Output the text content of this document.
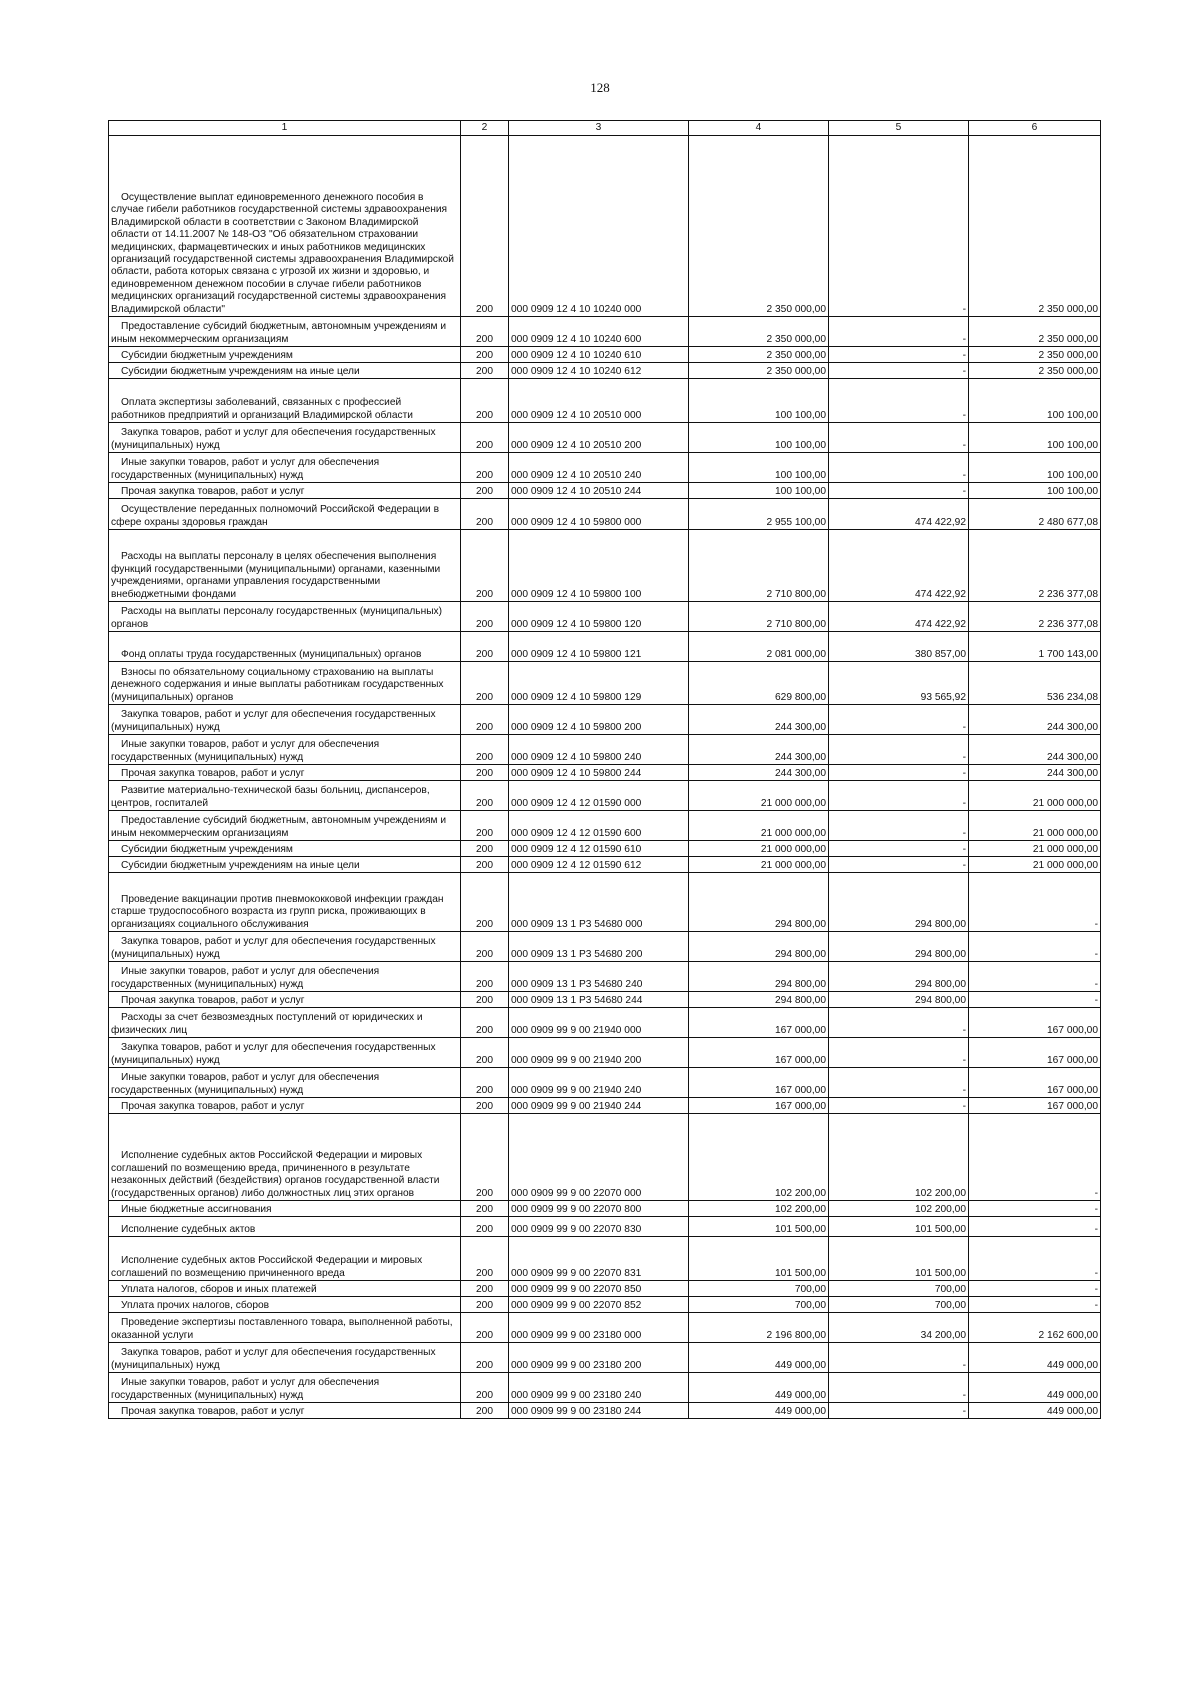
128
1	2	3	4	5	6
Осуществление выплат единовременного денежного пособия в случае гибели работников государственной системы здравоохранения Владимирской области в соответствии с Законом Владимирской области от 14.11.2007 № 148-ОЗ "Об обязательном страховании медицинских, фармацевтических и иных работников медицинских организаций государственной системы здравоохранения Владимирской области, работа которых связана с угрозой их жизни и здоровью, и единовременном денежном пособии в случае гибели работников медицинских организаций государственной системы здравоохранения Владимирской области"	200	000 0909 12 4 10 10240 000	2 350 000,00	-	2 350 000,00
Предоставление субсидий бюджетным, автономным учреждениям и иным некоммерческим организациям	200	000 0909 12 4 10 10240 600	2 350 000,00	-	2 350 000,00
Субсидии бюджетным учреждениям	200	000 0909 12 4 10 10240 610	2 350 000,00	-	2 350 000,00
Субсидии бюджетным учреждениям на иные цели	200	000 0909 12 4 10 10240 612	2 350 000,00	-	2 350 000,00
Оплата экспертизы заболеваний, связанных с профессией работников предприятий и организаций Владимирской области	200	000 0909 12 4 10 20510 000	100 100,00	-	100 100,00
Закупка товаров, работ и услуг для обеспечения государственных (муниципальных) нужд	200	000 0909 12 4 10 20510 200	100 100,00	-	100 100,00
Иные закупки товаров, работ и услуг для обеспечения государственных (муниципальных) нужд	200	000 0909 12 4 10 20510 240	100 100,00	-	100 100,00
Прочая закупка товаров, работ и услуг	200	000 0909 12 4 10 20510 244	100 100,00	-	100 100,00
Осуществление переданных полномочий Российской Федерации в сфере охраны здоровья граждан	200	000 0909 12 4 10 59800 000	2 955 100,00	474 422,92	2 480 677,08
Расходы на выплаты персоналу в целях обеспечения выполнения функций государственными (муниципальными) органами, казенными учреждениями, органами управления государственными внебюджетными фондами	200	000 0909 12 4 10 59800 100	2 710 800,00	474 422,92	2 236 377,08
Расходы на выплаты персоналу государственных (муниципальных) органов	200	000 0909 12 4 10 59800 120	2 710 800,00	474 422,92	2 236 377,08
Фонд оплаты труда государственных (муниципальных) органов	200	000 0909 12 4 10 59800 121	2 081 000,00	380 857,00	1 700 143,00
Взносы по обязательному социальному страхованию на выплаты денежного содержания и иные выплаты работникам государственных (муниципальных) органов	200	000 0909 12 4 10 59800 129	629 800,00	93 565,92	536 234,08
Закупка товаров, работ и услуг для обеспечения государственных (муниципальных) нужд	200	000 0909 12 4 10 59800 200	244 300,00	-	244 300,00
Иные закупки товаров, работ и услуг для обеспечения государственных (муниципальных) нужд	200	000 0909 12 4 10 59800 240	244 300,00	-	244 300,00
Прочая закупка товаров, работ и услуг	200	000 0909 12 4 10 59800 244	244 300,00	-	244 300,00
Развитие материально-технической базы больниц, диспансеров, центров, госпиталей	200	000 0909 12 4 12 01590 000	21 000 000,00	-	21 000 000,00
Предоставление субсидий бюджетным, автономным учреждениям и иным некоммерческим организациям	200	000 0909 12 4 12 01590 600	21 000 000,00	-	21 000 000,00
Субсидии бюджетным учреждениям	200	000 0909 12 4 12 01590 610	21 000 000,00	-	21 000 000,00
Субсидии бюджетным учреждениям на иные цели	200	000 0909 12 4 12 01590 612	21 000 000,00	-	21 000 000,00
Проведение вакцинации против пневмококковой инфекции граждан старше трудоспособного возраста из групп риска, проживающих в организациях социального обслуживания	200	000 0909 13 1 P3 54680 000	294 800,00	294 800,00	-
Закупка товаров, работ и услуг для обеспечения государственных (муниципальных) нужд	200	000 0909 13 1 P3 54680 200	294 800,00	294 800,00	-
Иные закупки товаров, работ и услуг для обеспечения государственных (муниципальных) нужд	200	000 0909 13 1 P3 54680 240	294 800,00	294 800,00	-
Прочая закупка товаров, работ и услуг	200	000 0909 13 1 P3 54680 244	294 800,00	294 800,00	-
Расходы за счет безвозмездных поступлений от юридических и физических лиц	200	000 0909 99 9 00 21940 000	167 000,00	-	167 000,00
Закупка товаров, работ и услуг для обеспечения государственных (муниципальных) нужд	200	000 0909 99 9 00 21940 200	167 000,00	-	167 000,00
Иные закупки товаров, работ и услуг для обеспечения государственных (муниципальных) нужд	200	000 0909 99 9 00 21940 240	167 000,00	-	167 000,00
Прочая закупка товаров, работ и услуг	200	000 0909 99 9 00 21940 244	167 000,00	-	167 000,00
Исполнение судебных актов Российской Федерации и мировых соглашений по возмещению вреда, причиненного в результате незаконных действий (бездействия) органов государственной власти (государственных органов) либо должностных лиц этих органов	200	000 0909 99 9 00 22070 000	102 200,00	102 200,00	-
Иные бюджетные ассигнования	200	000 0909 99 9 00 22070 800	102 200,00	102 200,00	-
Исполнение судебных актов	200	000 0909 99 9 00 22070 830	101 500,00	101 500,00	-
Исполнение судебных актов Российской Федерации и мировых соглашений по возмещению причиненного вреда	200	000 0909 99 9 00 22070 831	101 500,00	101 500,00	-
Уплата налогов, сборов и иных платежей	200	000 0909 99 9 00 22070 850	700,00	700,00	-
Уплата прочих налогов, сборов	200	000 0909 99 9 00 22070 852	700,00	700,00	-
Проведение экспертизы поставленного товара, выполненной работы, оказанной услуги	200	000 0909 99 9 00 23180 000	2 196 800,00	34 200,00	2 162 600,00
Закупка товаров, работ и услуг для обеспечения государственных (муниципальных) нужд	200	000 0909 99 9 00 23180 200	449 000,00	-	449 000,00
Иные закупки товаров, работ и услуг для обеспечения государственных (муниципальных) нужд	200	000 0909 99 9 00 23180 240	449 000,00	-	449 000,00
Прочая закупка товаров, работ и услуг	200	000 0909 99 9 00 23180 244	449 000,00	-	449 000,00
